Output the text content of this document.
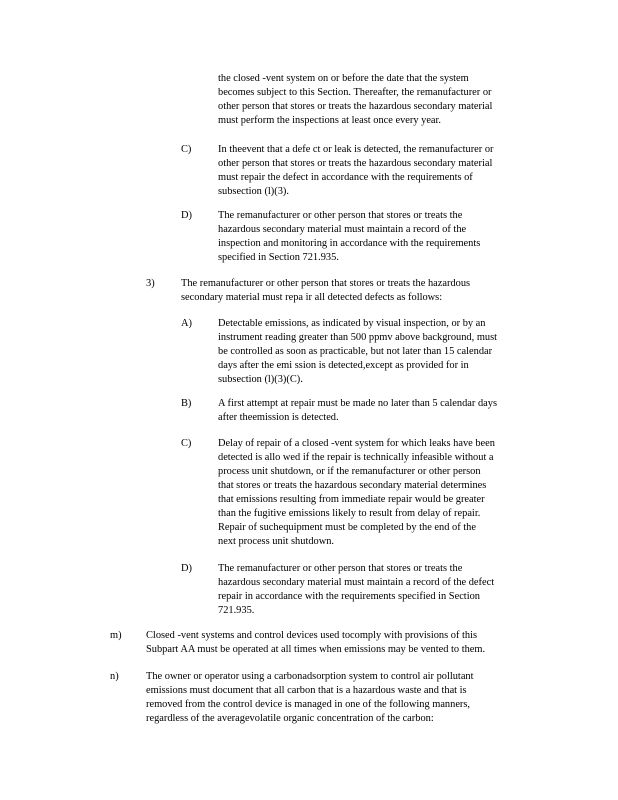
the closed -vent system on or before the date that the system
becomes subject to this Section. Thereafter, the remanufacturer or
other person that stores or treats the hazardous secondary material
must perform the inspections at least once every year.
C)	In theevent that a defe ct or leak is detected, the remanufacturer or
other person that stores or treats the hazardous secondary material
must repair the defect in accordance with the requirements of
subsection (l)(3).
D)	The remanufacturer or other person that stores or treats the
hazardous secondary material must maintain a record of the
inspection and monitoring in accordance with the requirements
specified in Section 721.935.
3)	The remanufacturer or other person that stores or treats the hazardous
secondary material must repa ir all detected defects as follows:
A)	Detectable emissions, as indicated by visual inspection, or by an
instrument reading greater than 500 ppmv above background, must
be controlled as soon as practicable, but not later than 15 calendar
days after the emi ssion is detected,except as provided for in
subsection (l)(3)(C).
B)	A first attempt at repair must be made no later than 5 calendar days
after theemission is detected.
C)	Delay of repair of a closed -vent system for which leaks have been
detected is allo wed if the repair is technically infeasible without a
process unit shutdown, or if the remanufacturer or other person
that stores or treats the hazardous secondary material determines
that emissions resulting from immediate repair would be greater
than the fugitive emissions likely to result from delay of repair.
Repair of suchequipment must be completed by the end of the
next process unit shutdown.
D)	The remanufacturer or other person that stores or treats the
hazardous secondary material must maintain a record of the defect
repair in accordance with the requirements specified in Section
721.935.
m) Closed -vent systems and control devices used tocomply with provisions of this
Subpart AA must be operated at all times when emissions may be vented to them.
n)	The owner or operator using a carbonadsorption system to control air pollutant
emissions must document that all carbon that is a hazardous waste and that is
removed from the control device is managed in one of the following manners,
regardless of the averagevolatile organic concentration of the carbon:
